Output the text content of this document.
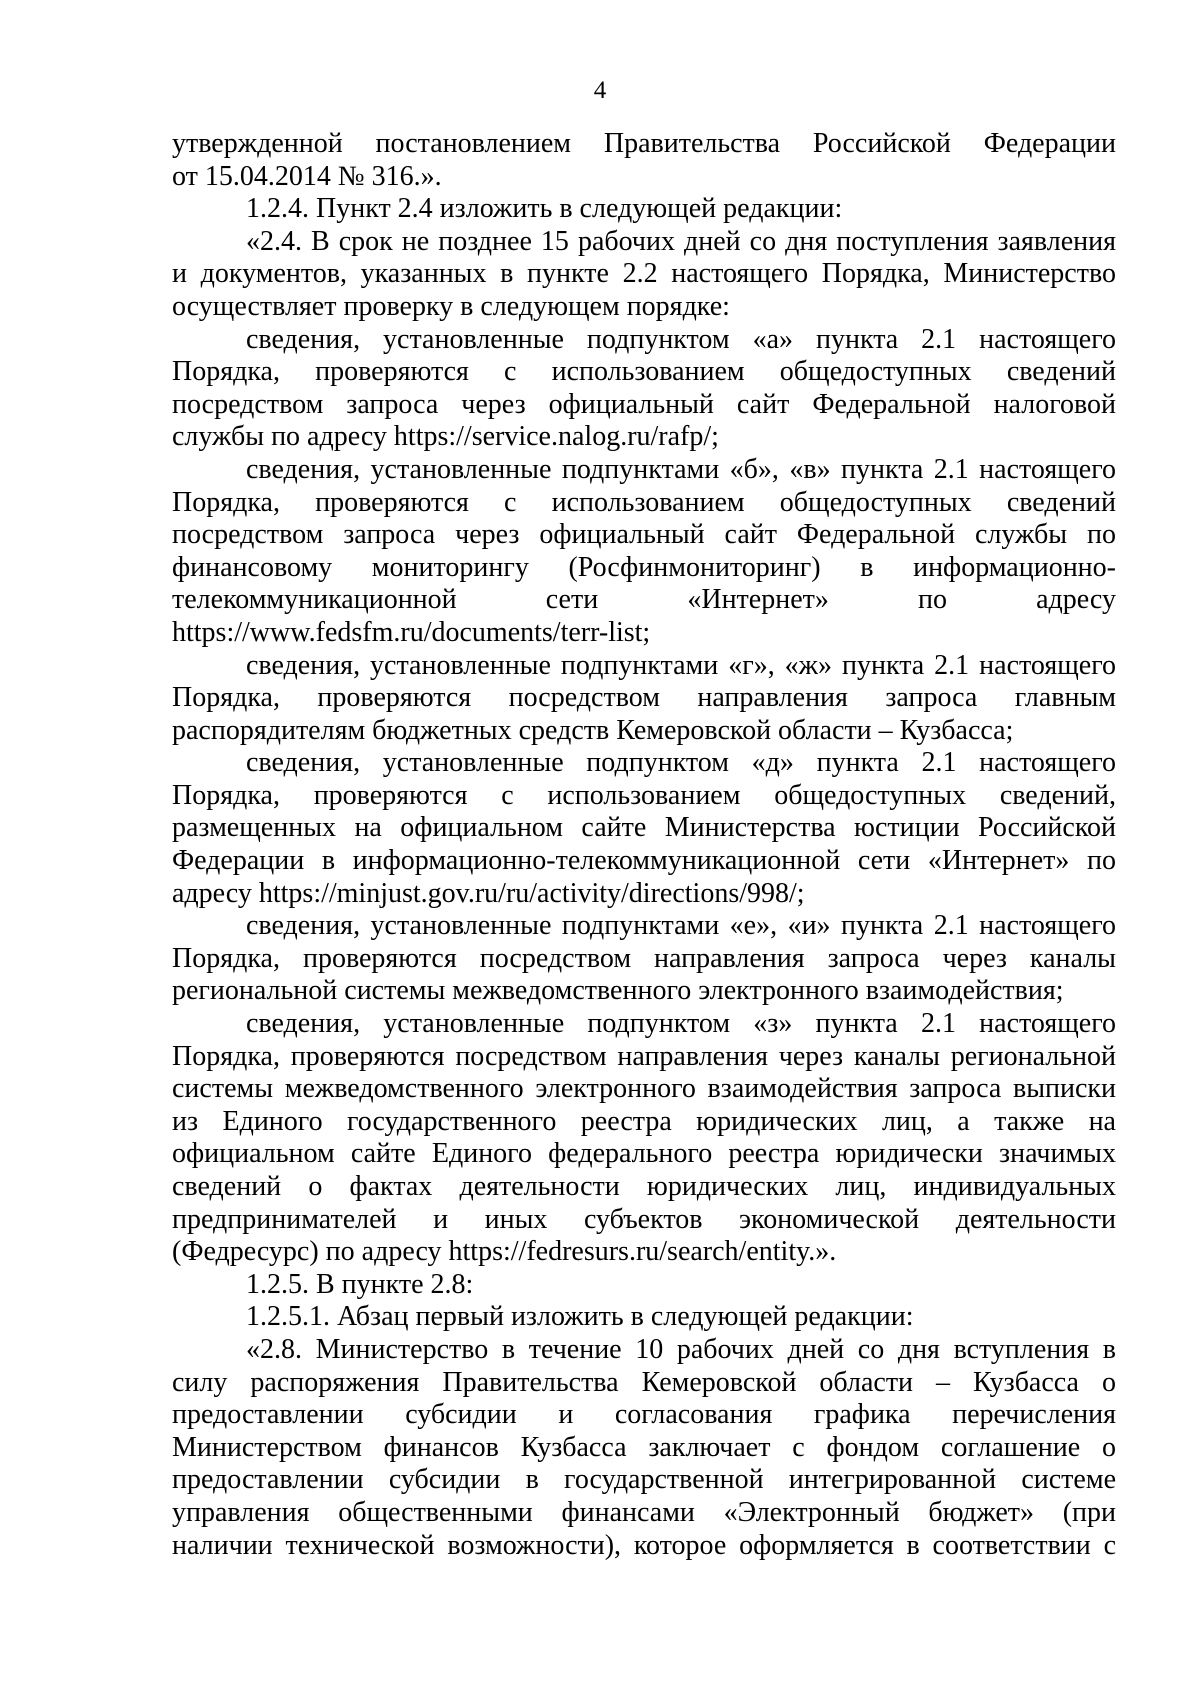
4
утвержденной постановлением Правительства Российской Федерации
от 15.04.2014 № 316.».
1.2.4. Пункт 2.4 изложить в следующей редакции:
«2.4. В срок не позднее 15 рабочих дней со дня поступления заявления
и документов, указанных в пункте 2.2 настоящего Порядка, Министерство
осуществляет проверку в следующем порядке:
сведения, установленные подпунктом «а» пункта 2.1 настоящего
Порядка, проверяются с использованием общедоступных сведений
посредством запроса через официальный сайт Федеральной налоговой
службы по адресу https://service.nalog.ru/rafp/;
сведения, установленные подпунктами «б», «в» пункта 2.1 настоящего
Порядка, проверяются с использованием общедоступных сведений
посредством запроса через официальный сайт Федеральной службы по
финансовому мониторингу (Росфинмониторинг) в информационно-
телекоммуникационной сети «Интернет» по адресу
https://www.fedsfm.ru/documents/terr-list;
сведения, установленные подпунктами «г», «ж» пункта 2.1 настоящего
Порядка, проверяются посредством направления запроса главным
распорядителям бюджетных средств Кемеровской области – Кузбасса;
сведения, установленные подпунктом «д» пункта 2.1 настоящего
Порядка, проверяются с использованием общедоступных сведений,
размещенных на официальном сайте Министерства юстиции Российской
Федерации в информационно-телекоммуникационной сети «Интернет» по
адресу https://minjust.gov.ru/ru/activity/directions/998/;
сведения, установленные подпунктами «е», «и» пункта 2.1 настоящего
Порядка, проверяются посредством направления запроса через каналы
региональной системы межведомственного электронного взаимодействия;
сведения, установленные подпунктом «з» пункта 2.1 настоящего
Порядка, проверяются посредством направления через каналы региональной
системы межведомственного электронного взаимодействия запроса выписки
из Единого государственного реестра юридических лиц, а также на
официальном сайте Единого федерального реестра юридически значимых
сведений о фактах деятельности юридических лиц, индивидуальных
предпринимателей и иных субъектов экономической деятельности
(Федресурс) по адресу https://fedresurs.ru/search/entity.».
1.2.5. В пункте 2.8:
1.2.5.1. Абзац первый изложить в следующей редакции:
«2.8. Министерство в течение 10 рабочих дней со дня вступления в
силу распоряжения Правительства Кемеровской области – Кузбасса о
предоставлении субсидии и согласования графика перечисления
Министерством финансов Кузбасса заключает с фондом соглашение о
предоставлении субсидии в государственной интегрированной системе
управления общественными финансами «Электронный бюджет» (при
наличии технической возможности), которое оформляется в соответствии с
